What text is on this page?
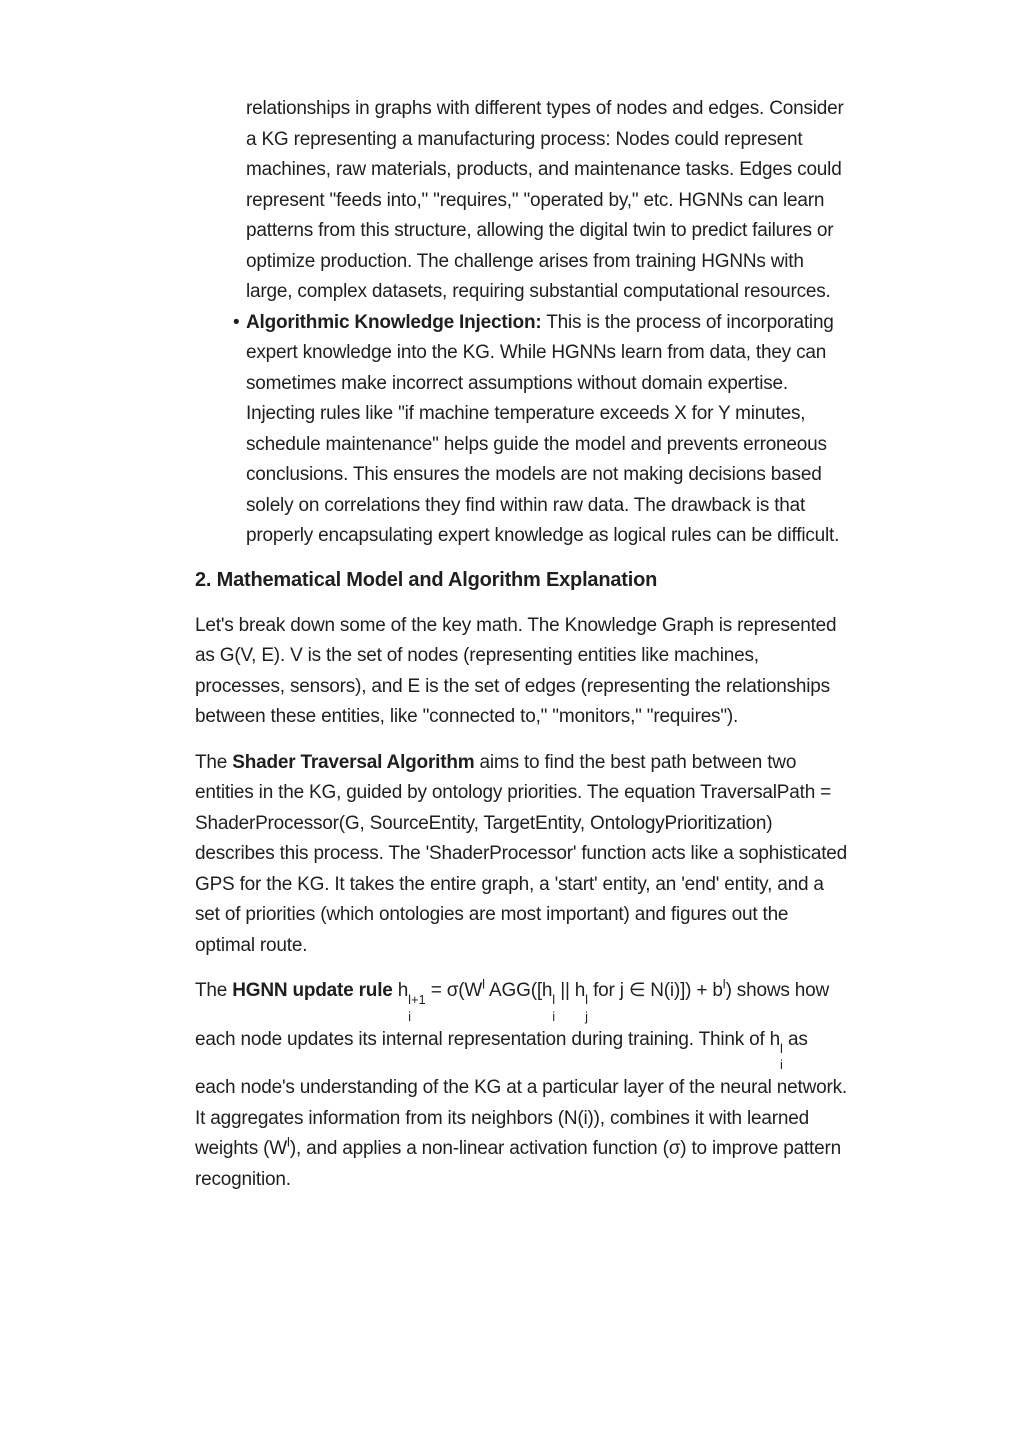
relationships in graphs with different types of nodes and edges. Consider a KG representing a manufacturing process: Nodes could represent machines, raw materials, products, and maintenance tasks. Edges could represent "feeds into," "requires," "operated by," etc. HGNNs can learn patterns from this structure, allowing the digital twin to predict failures or optimize production. The challenge arises from training HGNNs with large, complex datasets, requiring substantial computational resources.
• Algorithmic Knowledge Injection: This is the process of incorporating expert knowledge into the KG. While HGNNs learn from data, they can sometimes make incorrect assumptions without domain expertise. Injecting rules like "if machine temperature exceeds X for Y minutes, schedule maintenance" helps guide the model and prevents erroneous conclusions. This ensures the models are not making decisions based solely on correlations they find within raw data. The drawback is that properly encapsulating expert knowledge as logical rules can be difficult.
2. Mathematical Model and Algorithm Explanation

Let's break down some of the key math. The Knowledge Graph is represented as G(V, E). V is the set of nodes (representing entities like machines, processes, sensors), and E is the set of edges (representing the relationships between these entities, like "connected to," "monitors," "requires").

The Shader Traversal Algorithm aims to find the best path between two entities in the KG, guided by ontology priorities. The equation TraversalPath = ShaderProcessor(G, SourceEntity, TargetEntity, OntologyPrioritization) describes this process. The 'ShaderProcessor' function acts like a sophisticated GPS for the KG. It takes the entire graph, a 'start' entity, an 'end' entity, and a set of priorities (which ontologies are most important) and figures out the optimal route.

The HGNN update rule h l+1
i
= $\sigma(W^l$ AGG([h l
i
|| h l
j
for j ∈ $N(i)]) + b^l$) shows how each node updates its internal representation during training. Think of h l
i
as each node's understanding of the KG at a particular layer of the neural network. It aggregates information from its neighbors (N(i)), combines it with learned weights $(W^l)$, and applies a non-linear activation function (σ) to improve pattern recognition.
